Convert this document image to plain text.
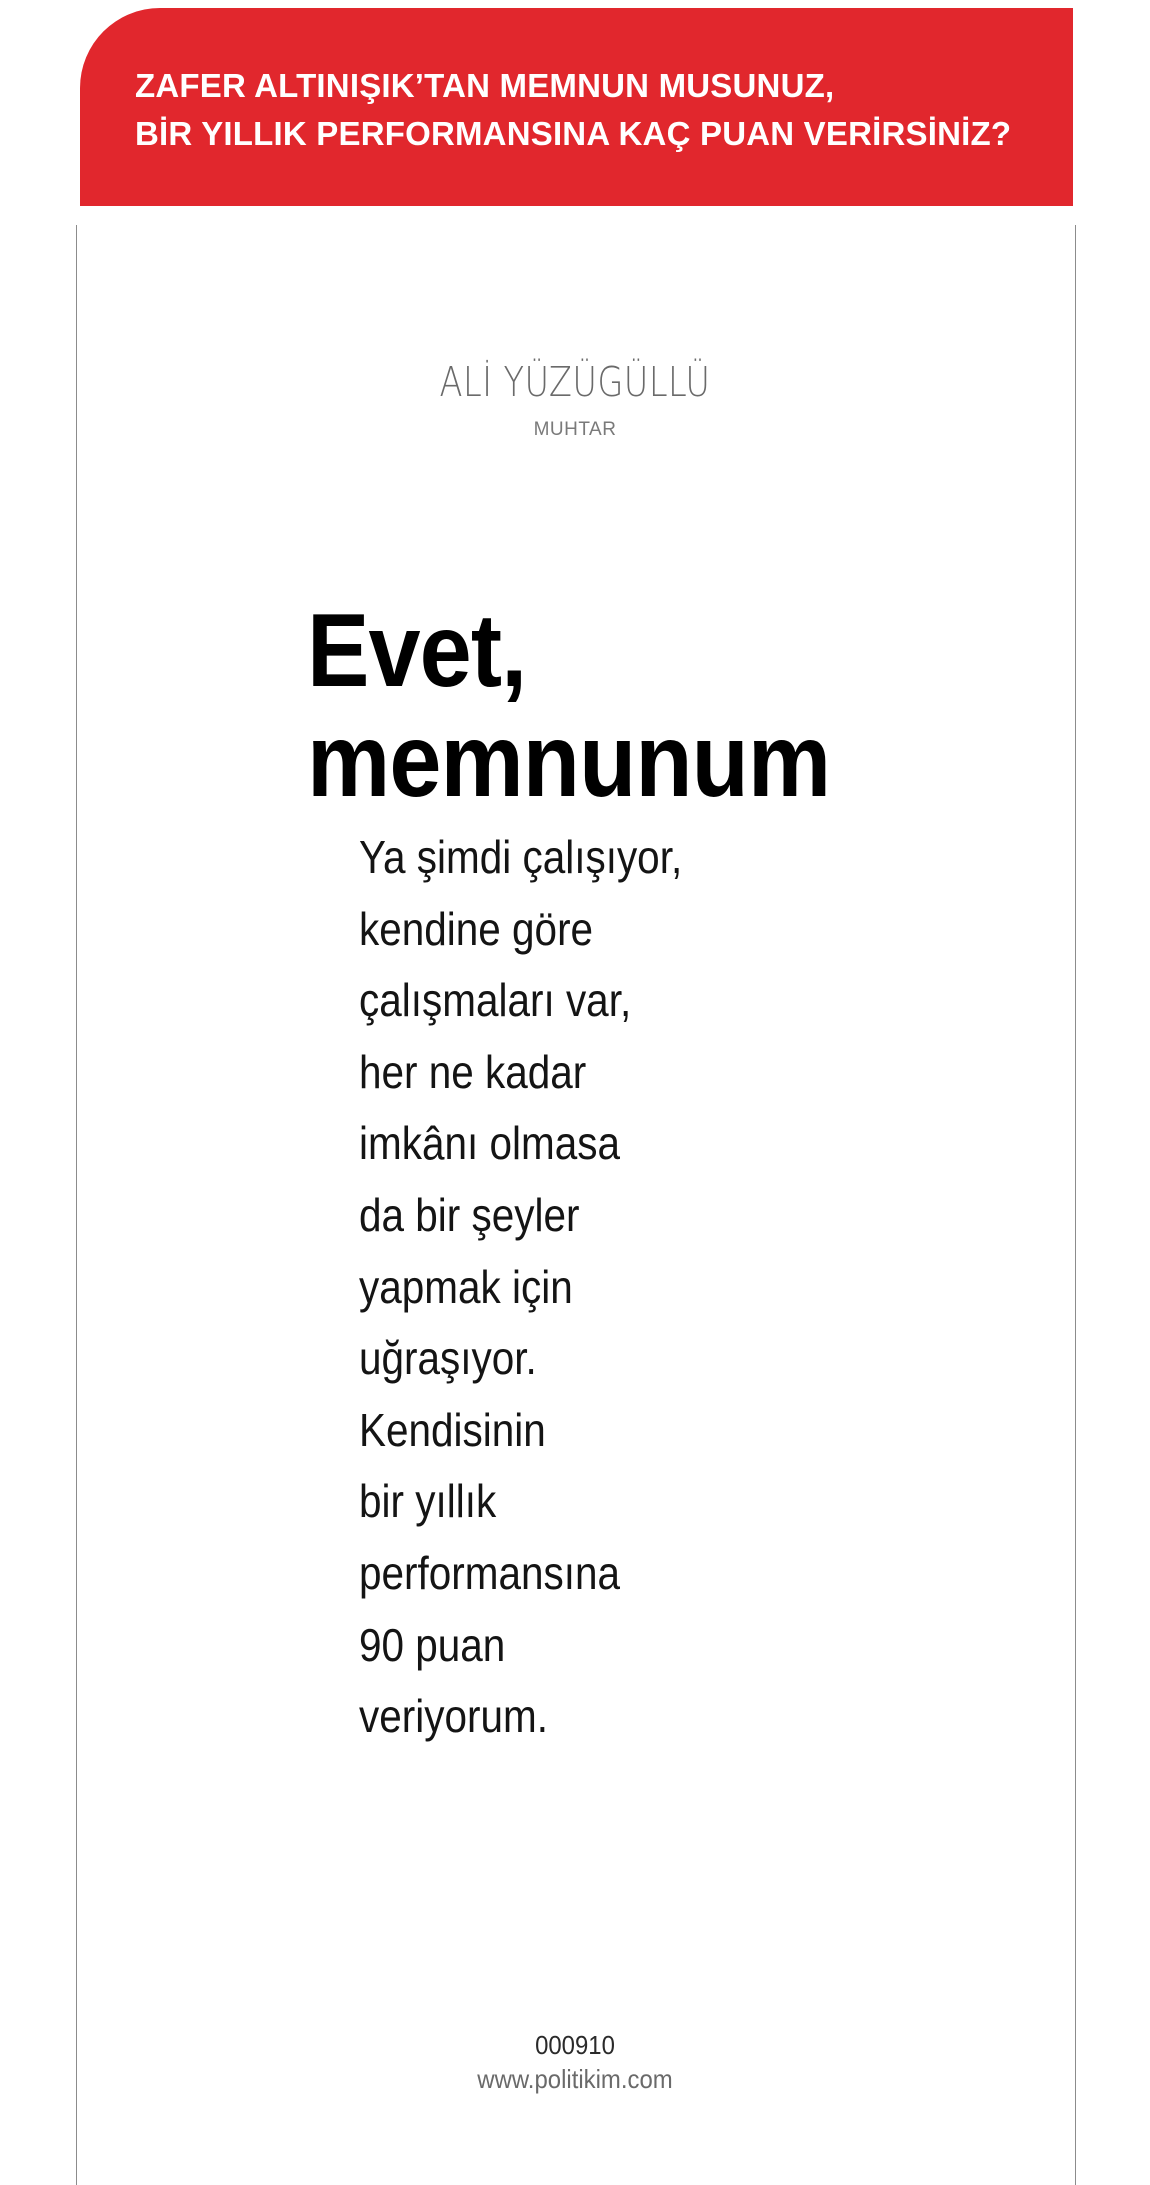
ZAFER ALTINIŞIK’TAN MEMNUN MUSUNUZ,
BİR YILLIK PERFORMANSINA KAÇ PUAN VERİRSİNİZ?
ALİ YÜZÜGÜLLÜ
MUHTAR
Evet,
memnunum
Ya şimdi çalışıyor,
kendine göre
çalışmaları var,
her ne kadar
imkânı olmasa
da bir şeyler
yapmak için
uğraşıyor.
Kendisinin
bir yıllık
performansına
90 puan
veriyorum.
000910
www.politikim.com
